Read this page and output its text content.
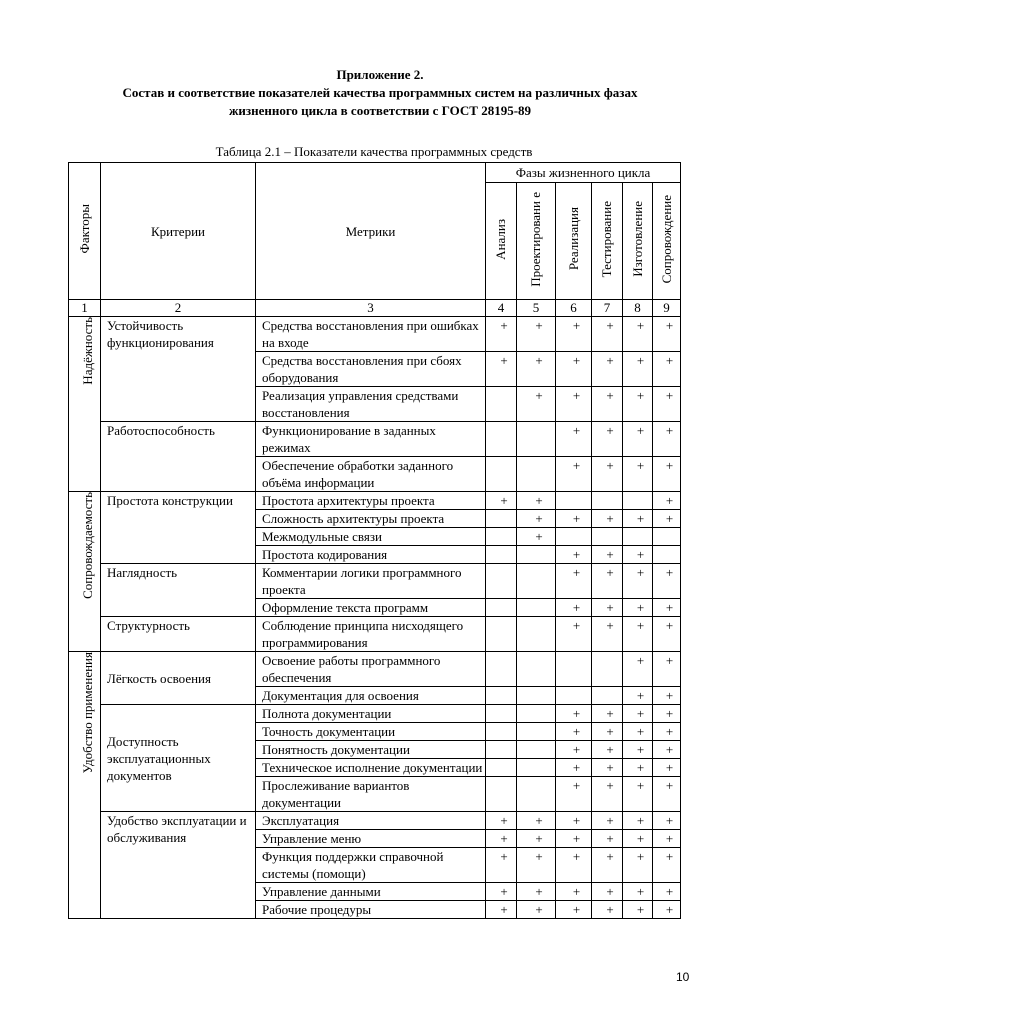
Приложение 2.
Состав и соответствие показателей качества программных систем на различных фазах
жизненного цикла в соответствии с ГОСТ 28195-89
Таблица 2.1 – Показатели качества программных средств
Факторы	Критерии	Метрики	Фазы жизненного цикла					
			Анализ	Проектировани е	Реализация	Тестирование	Изготовление	Сопровождение
1	2	3	4	5	6	7	8	9
Надёжность	Устойчивость функционирования	Средства восстановления при ошибках на входе	+	+	+	+	+	+
		Средства восстановления при сбоях оборудования	+	+	+	+	+	+
		Реализация управления средствами восстановления		+	+	+	+	+
	Работоспособность	Функционирование в заданных режимах			+	+	+	+
		Обеспечение обработки заданного объёма информации			+	+	+	+
Сопровождаемость	Простота конструкции	Простота архитектуры проекта	+	+				+
		Сложность архитектуры проекта		+	+	+	+	+
		Межмодульные связи		+				
		Простота кодирования			+	+	+	
	Наглядность	Комментарии логики программного проекта			+	+	+	+
		Оформление текста программ			+	+	+	+
	Структурность	Соблюдение принципа нисходящего программирования			+	+	+	+
Удобство применения	Лёгкость освоения	Освоение работы программного обеспечения					+	+
		Документация для освоения					+	+
	Доступность эксплуатационных документов	Полнота документации			+	+	+	+
		Точность документации			+	+	+	+
		Понятность документации			+	+	+	+
		Техническое исполнение документации			+	+	+	+
		Прослеживание вариантов документации			+	+	+	+
	Удобство эксплуатации и обслуживания	Эксплуатация	+	+	+	+	+	+
		Управление меню	+	+	+	+	+	+
		Функция поддержки справочной системы (помощи)	+	+	+	+	+	+
		Управление данными	+	+	+	+	+	+
		Рабочие процедуры	+	+	+	+	+	+
10
